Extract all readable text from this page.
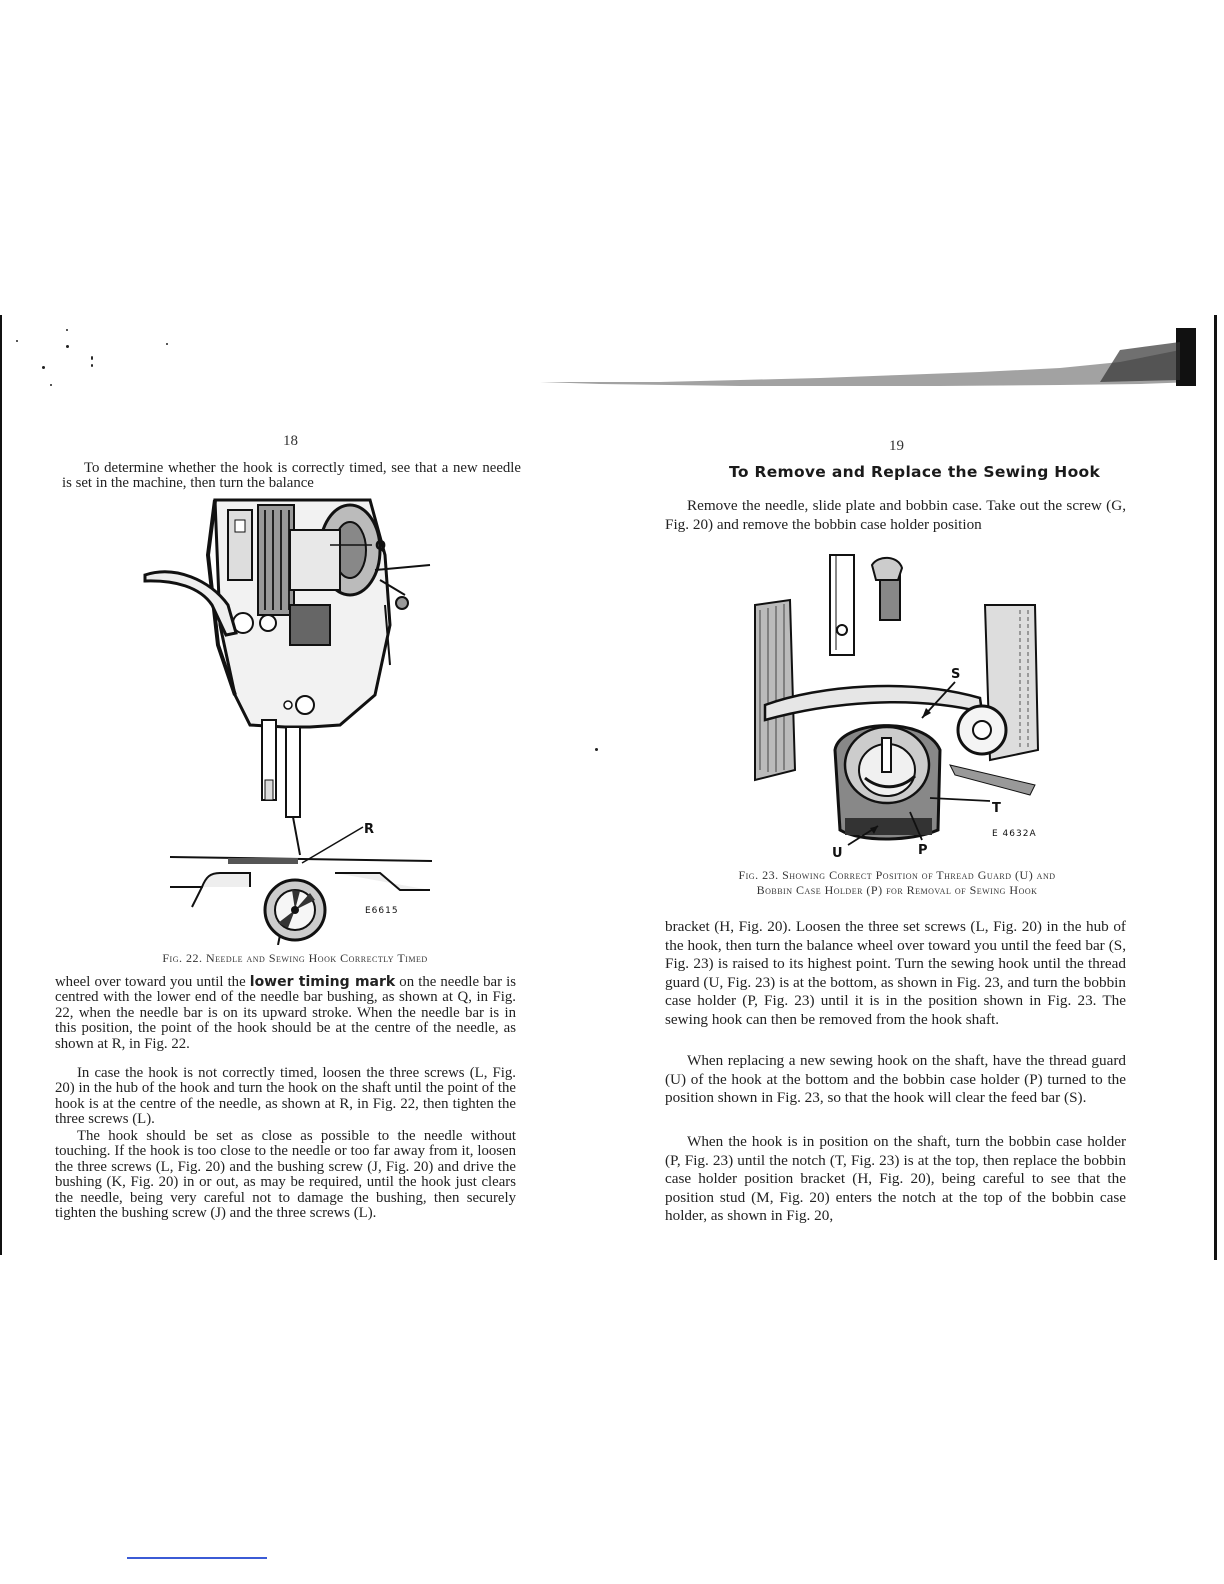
18

To determine whether the hook is correctly timed, see that a new needle is set in the machine, then turn the balance

Q
R
E6615
Fig. 22. Needle and Sewing Hook Correctly Timed

wheel over toward you until the lower timing mark on the needle bar is centred with the lower end of the needle bar bushing, as shown at Q, in Fig. 22, when the needle bar is on its upward stroke. When the needle bar is in this position, the point of the hook should be at the centre of the needle, as shown at R, in Fig. 22.

In case the hook is not correctly timed, loosen the three screws (L, Fig. 20) in the hub of the hook and turn the hook on the shaft until the point of the hook is at the centre of the needle, as shown at R, in Fig. 22, then tighten the three screws (L).

The hook should be set as close as possible to the needle without touching. If the hook is too close to the needle or too far away from it, loosen the three screws (L, Fig. 20) and the bushing screw (J, Fig. 20) and drive the bushing (K, Fig. 20) in or out, as may be required, until the hook just clears the needle, being very careful not to damage the bushing, then securely tighten the bushing screw (J) and the three screws (L).

19
To Remove and Replace the Sewing Hook

Remove the needle, slide plate and bobbin case. Take out the screw (G, Fig. 20) and remove the bobbin case holder position

S
T
U	P
E 4632A
Fig. 23. Showing Correct Position of Thread Guard (U) and
Bobbin Case Holder (P) for Removal of Sewing Hook

bracket (H, Fig. 20). Loosen the three set screws (L, Fig. 20) in the hub of the hook, then turn the balance wheel over toward you until the feed bar (S, Fig. 23) is raised to its highest point. Turn the sewing hook until the thread guard (U, Fig. 23) is at the bottom, as shown in Fig. 23, and turn the bobbin case holder (P, Fig. 23) until it is in the position shown in Fig. 23. The sewing hook can then be removed from the hook shaft.

When replacing a new sewing hook on the shaft, have the thread guard (U) of the hook at the bottom and the bobbin case holder (P) turned to the position shown in Fig. 23, so that the hook will clear the feed bar (S).

When the hook is in position on the shaft, turn the bobbin case holder (P, Fig. 23) until the notch (T, Fig. 23) is at the top, then replace the bobbin case holder position bracket (H, Fig. 20), being careful to see that the position stud (M, Fig. 20) enters the notch at the top of the bobbin case holder, as shown in Fig. 20,
